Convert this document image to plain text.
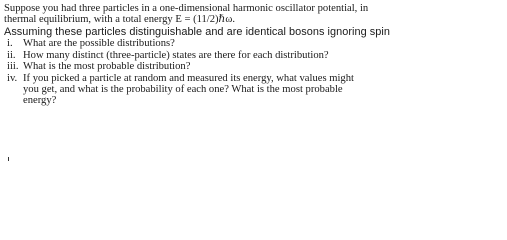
Suppose you had three particles in a one-dimensional harmonic oscillator potential, in

thermal equilibrium, with a total energy E = (11/2)ℏω.

Assuming these particles distinguishable and are identical bosons ignoring spin

i. What are the possible distributions?

ii. How many distinct (three-particle) states are there for each distribution?

iii. What is the most probable distribution?

iv. If you picked a particle at random and measured its energy, what values might

you get, and what is the probability of each one? What is the most probable

energy?
